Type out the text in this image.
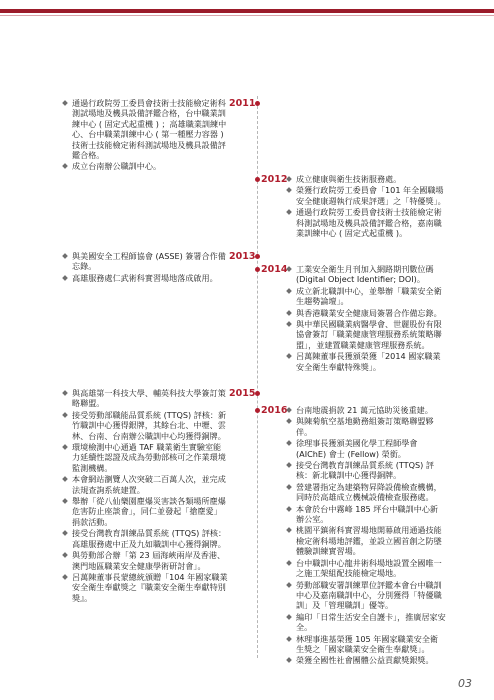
2011
通過行政院勞工委員會技術士技能檢定術科測試場地及機具設備評鑑合格，台中職業訓練中心 ( 固定式起重機 ) ；高雄職業訓練中心、台中職業訓練中心 ( 第一種壓力容器 ) 技術士技能檢定術科測試場地及機具設備評鑑合格。
成立台南辦公職訓中心。
2012	成立健康與衛生技術服務處。
榮獲行政院勞工委員會「101 年全國職場安全健康週執行成果評選」之「特優獎」。
通過行政院勞工委員會技術士技能檢定術科測試場地及機具設備評鑑合格，嘉南職業訓練中心 ( 固定式起重機 )。
2013
與美國安全工程師協會 (ASSE) 簽署合作備忘錄。
高雄服務處仁武術科實習場地落成啟用。
2014	工業安全衛生月刊加入網路期刊數位碼(Digital Object Identifier; DOI)。
成立新北職訓中心，並舉辦「職業安全衛生趨勢論壇」。
與香港職業安全健康局簽署合作備忘錄。
與中華民國職業病醫學會、世麗股份有限協會簽訂「職業健康管理服務系統策略聯盟」，並建置職業健康管理服務系統。
呂萬陳董事長獲頒榮獲「2014 國家職業安全衛生奉獻特殊獎」。
2015
與高雄第一科技大學、輔英科技大學簽訂策略聯盟。
接受勞動部職能品質系統 (TTQS) 評核：新竹職訓中心獲得銀牌，其餘台北、中壢、雲林、台南、台南辦公職訓中心均獲得銅牌。
環境檢測中心通過 TAF 職業衛生實驗室能力延續性認證及成為勞動部核可之作業環境監測機構。
本會網站瀏覽人次突破二百萬人次，並完成法規查詢系統建置。
舉辦「從八仙樂園塵爆災害談各類場所塵爆危害防止座談會」，同仁並發起「搶塵愛」捐款活動。
接受台灣教育訓練品質系統 (TTQS) 評核：高雄服務處中正及九如職訓中心獲得銅牌。
與勞動部合辦「第 23 屆海峽兩岸及香港、澳門地區職業安全健康學術研討會」。
呂萬陳董事長蒙總統頒贈「104 年國家職業安全衛生奉獻獎之『職業安全衛生奉獻特別獎』。
2016	台南地震捐款 21 萬元協助災後重建。
與陳菊航空基地勤務組簽訂策略聯盟夥伴。
徐理事長獲頒美國化學工程師學會(AIChE) 會士 (Fellow) 榮銜。
接受台灣教育訓練品質系統 (TTQS) 評核：新北職訓中心獲得銅牌。
營建署指定為建築物昇降設備檢查機構，同時於高雄成立機械設備檢查服務處。
本會於台中霧峰 185 坪台中職訓中心新辦公室。
桃園平鎮術科實習場地開幕啟用通過技能檢定術科場地評鑑，並設立國首創之防墜體驗訓練實習場。
台中職訓中心龍井術科場地設置全國唯一之施工架組配技能檢定場地。
勞動部職安署訓練單位評鑑本會台中職訓中心及嘉南職訓中心，分別獲得「特優職訓」及「管理職訓」優等。
編印「日常生活安全自護卡」，推廣居家安全。
林理事進基榮獲 105 年國家職業安全衛生獎之「國家職業安全衛生奉獻獎」。
榮獲全國性社會團體公益貢獻獎銀獎。
03
